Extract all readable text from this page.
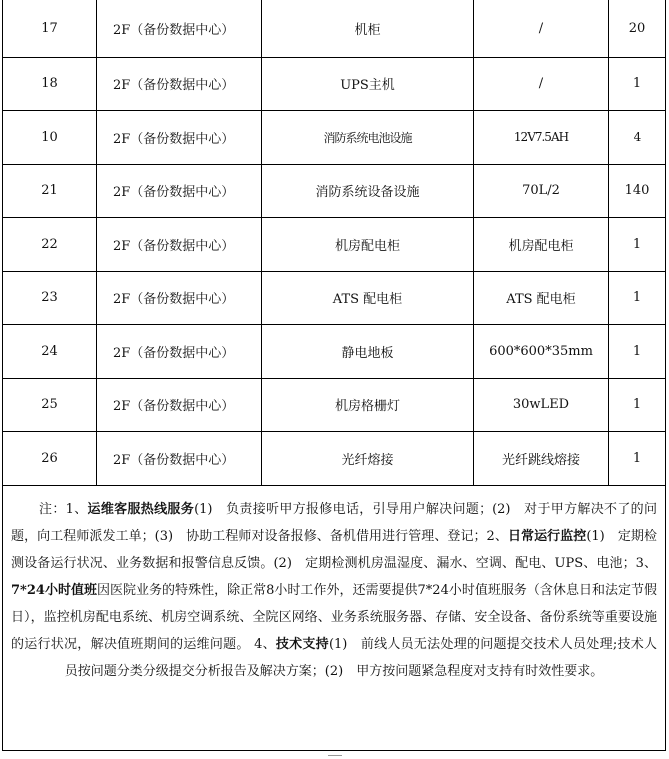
17	2F（备份数据中心）	机柜	/	20
18	2F（备份数据中心）	UPS主机	/	1
10	2F（备份数据中心）	消防系统电池设施	12V7.5AH	4
21	2F（备份数据中心）	消防系统设备设施	70L/2	140
22	2F（备份数据中心）	机房配电柜	机房配电柜	1
23	2F（备份数据中心）	ATS 配电柜	ATS 配电柜	1
24	2F（备份数据中心）	静电地板	600*600*35mm	1
25	2F（备份数据中心）	机房格栅灯	30wLED	1
26	2F（备份数据中心）	光纤熔接	光纤跳线熔接	1

注：1、运维客服热线服务(1)　负责接听甲方报修电话，引导用户解决问题；(2)　对于甲方解决不了的问题，向工程师派发工单；(3)　协助工程师对设备报修、备机借用进行管理、登记；2、日常运行监控(1)　定期检测设备运行状况、业务数据和报警信息反馈。(2)　定期检测机房温湿度、漏水、空调、配电、UPS、电池；3、7*24小时值班因医院业务的特殊性，除正常8小时工作外，还需要提供7*24小时值班服务（含休息日和法定节假日），监控机房配电系统、机房空调系统、全院区网络、业务系统服务器、存储、安全设备、备份系统等重要设施的运行状况，解决值班期间的运维问题。 4、技术支持(1)　前线人员无法处理的问题提交技术人员处理;技术人员按问题分类分级提交分析报告及解决方案；(2)　甲方按问题紧急程度对支持有时效性要求。				
